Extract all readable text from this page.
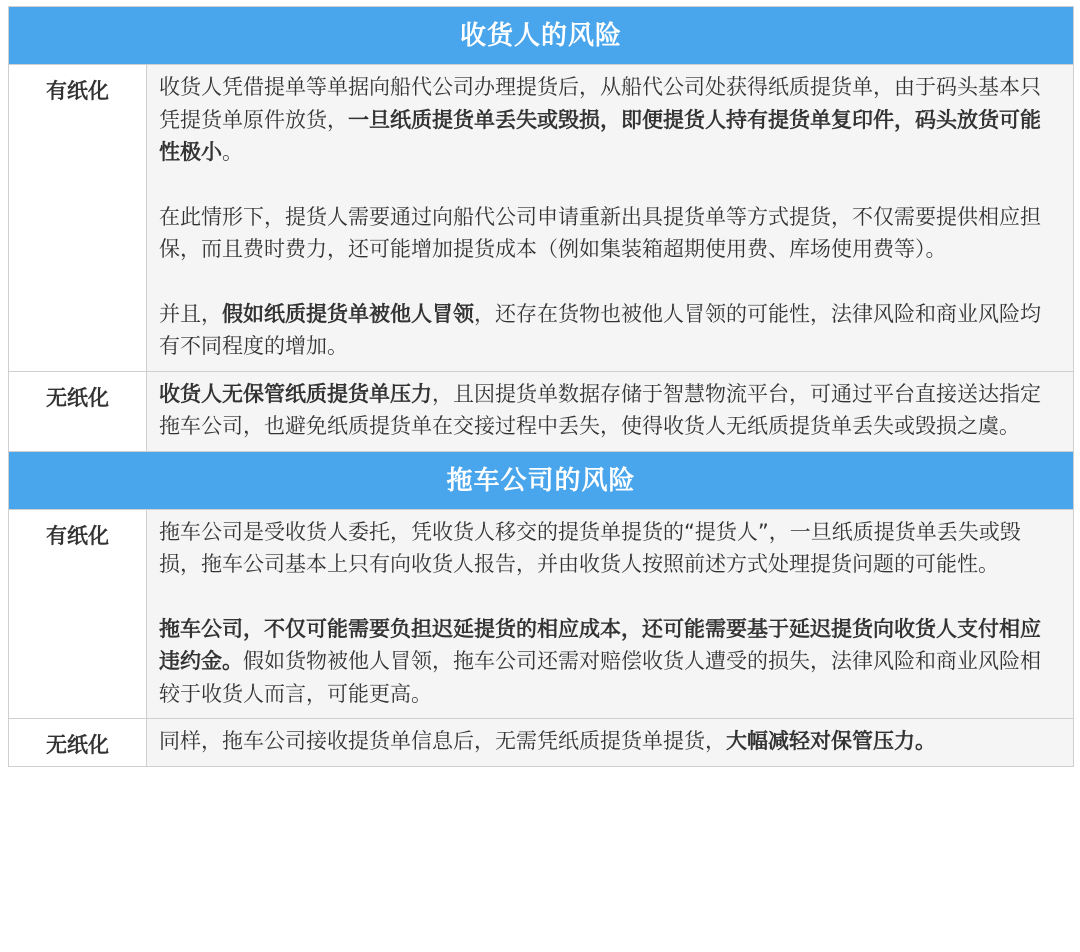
收货人的风险
有纸化	收货人凭借提单等单据向船代公司办理提货后，从船代公司处获得纸质提货单，由于码头基本只凭提货单原件放货，一旦纸质提货单丢失或毁损，即便提货人持有提货单复印件，码头放货可能性极小。

在此情形下，提货人需要通过向船代公司申请重新出具提货单等方式提货，不仅需要提供相应担保，而且费时费力，还可能增加提货成本（例如集装箱超期使用费、库场使用费等）。

并且，假如纸质提货单被他人冒领，还存在货物也被他人冒领的可能性，法律风险和商业风险均有不同程度的增加。

无纸化	收货人无保管纸质提货单压力，且因提货单数据存储于智慧物流平台，可通过平台直接送达指定拖车公司，也避免纸质提货单在交接过程中丢失，使得收货人无纸质提货单丢失或毁损之虞。

拖车公司的风险
有纸化	拖车公司是受收货人委托，凭收货人移交的提货单提货的“提货人”，一旦纸质提货单丢失或毁损，拖车公司基本上只有向收货人报告，并由收货人按照前述方式处理提货问题的可能性。

拖车公司，不仅可能需要负担迟延提货的相应成本，还可能需要基于延迟提货向收货人支付相应违约金。假如货物被他人冒领，拖车公司还需对赔偿收货人遭受的损失，法律风险和商业风险相较于收货人而言，可能更高。

无纸化	同样，拖车公司接收提货单信息后，无需凭纸质提货单提货，大幅减轻对保管压力。
